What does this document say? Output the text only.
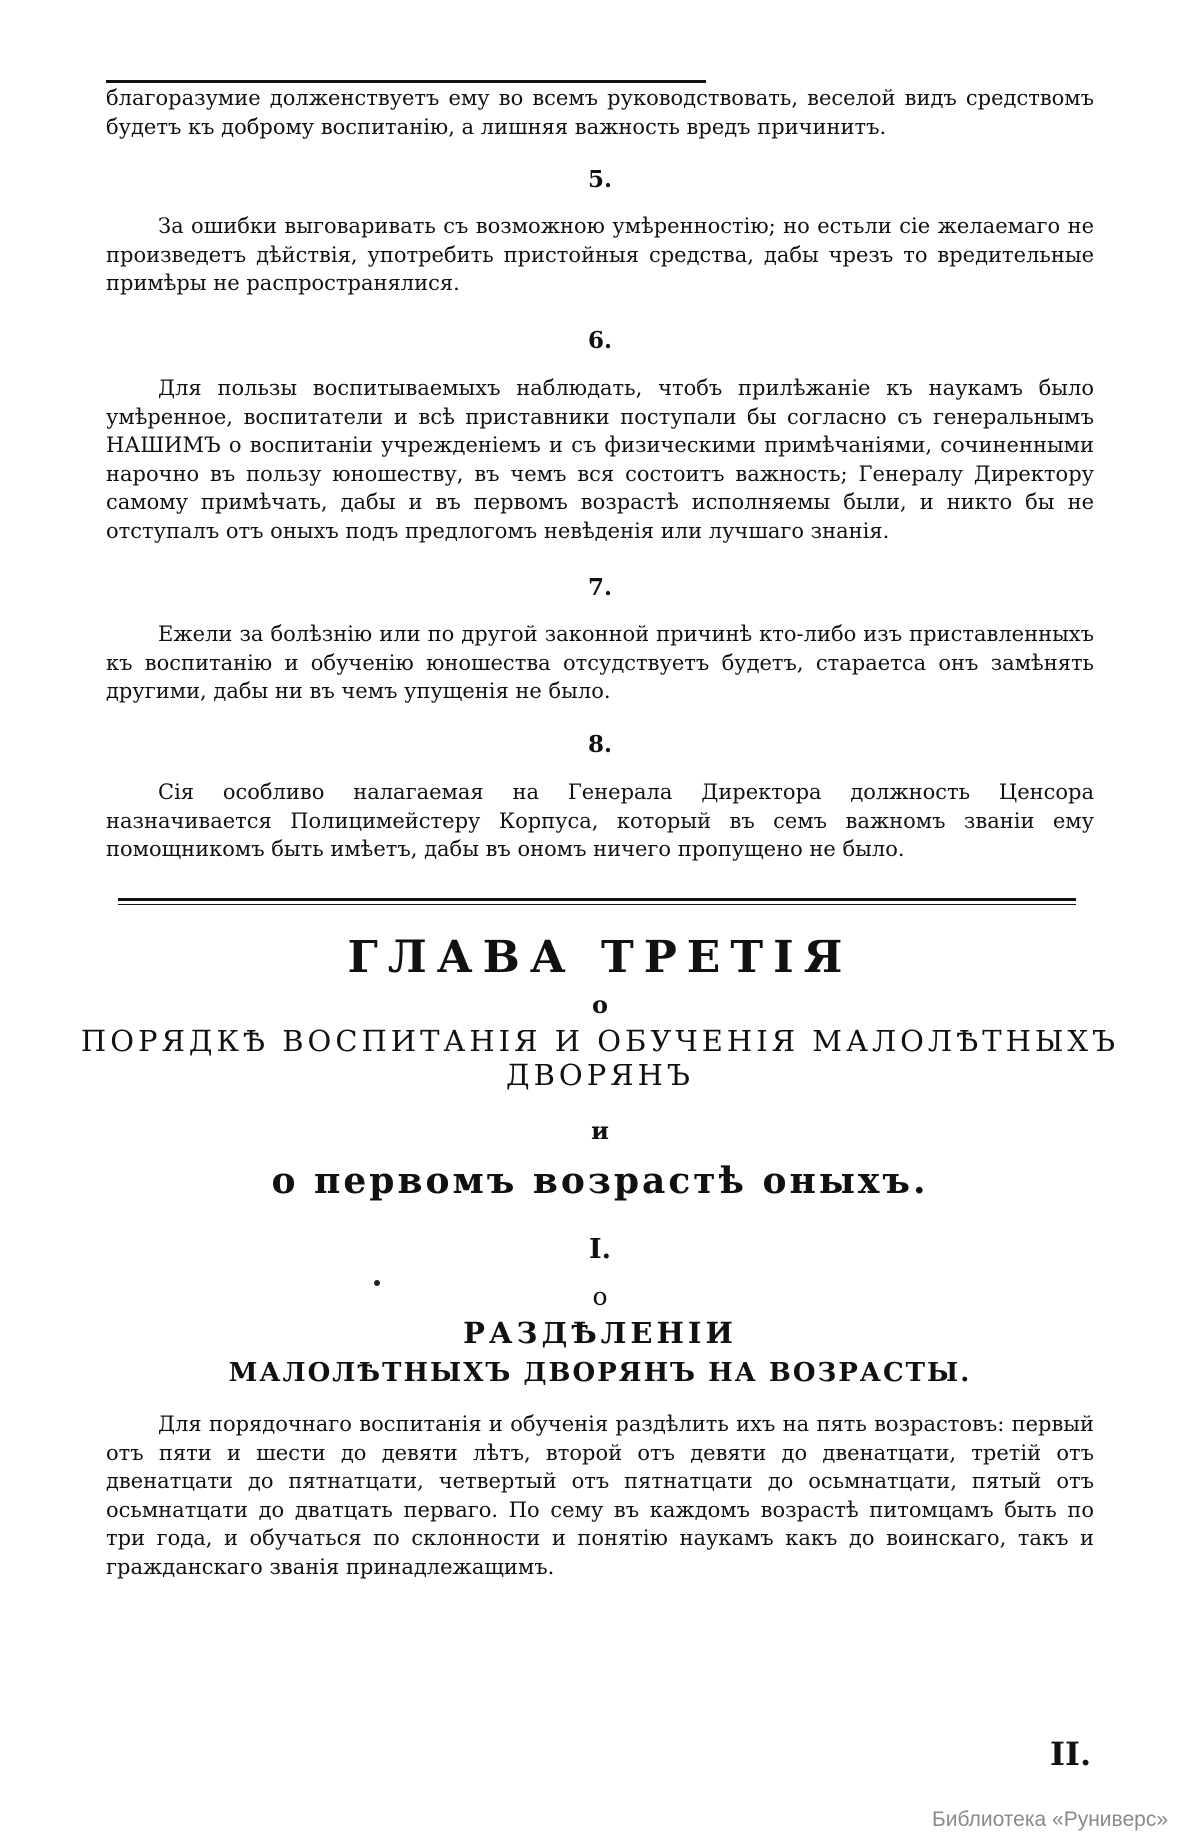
благоразумие долженствуетъ ему во всемъ руководствовать, веселой видъ средствомъ будетъ къ доброму воспитанію, а лишняя важность вредъ причинитъ.
5.
За ошибки выговаривать съ возможною умѣренностію; но естьли сіе желаемаго не произведетъ дѣйствія, употребить пристойныя средства, дабы чрезъ то вредительные примѣры не распространялися.
6.
Для пользы воспитываемыхъ наблюдать, чтобъ прилѣжаніе къ наукамъ было умѣренное, воспитатели и всѣ приставники поступали бы согласно съ генеральнымъ НАШИМЪ о воспитаніи учрежденіемъ и съ физическими примѣчаніями, сочиненными нарочно въ пользу юношеству, въ чемъ вся состоитъ важность; Генералу Директору самому примѣчать, дабы и въ первомъ возрастѣ исполняемы были, и никто бы не отступалъ отъ оныхъ подъ предлогомъ невѣденія или лучшаго знанія.
7.
Ежели за болѣзнію или по другой законной причинѣ кто-либо изъ приставленныхъ къ воспитанію и обученію юношества отсудствуетъ будетъ, стараетса онъ замѣнять другими, дабы ни въ чемъ упущенія не было.
8.
Сія особливо налагаемая на Генерала Директора должность Ценсора назначивается Полицимейстеру Корпуса, который въ семъ важномъ званіи ему помощникомъ быть имѣетъ, дабы въ ономъ ничего пропущено не было.
ГЛАВА ТРЕТІЯ
о
ПОРЯДКѢ ВОСПИТАНІЯ И ОБУЧЕНІЯ МАЛОЛѢТНЫХЪ
ДВОРЯНЪ
и
о первомъ возрастѣ оныхъ.
I.
о
РАЗДѢЛЕНІИ
МАЛОЛѢТНЫХЪ ДВОРЯНЪ НА ВОЗРАСТЫ.
Для порядочнаго воспитанія и обученія раздѣлить ихъ на пять возрастовъ: первый отъ пяти и шести до девяти лѣтъ, второй отъ девяти до двенатцати, третій отъ двенатцати до пятнатцати, четвертый отъ пятнатцати до осьмнатцати, пятый отъ осьмнатцати до дватцать перваго. По сему въ каждомъ возрастѣ питомцамъ быть по три года, и обучаться по склонности и понятію наукамъ какъ до воинскаго, такъ и гражданскаго званія принадлежащимъ.
II.
Библиотека «Руниверс»
